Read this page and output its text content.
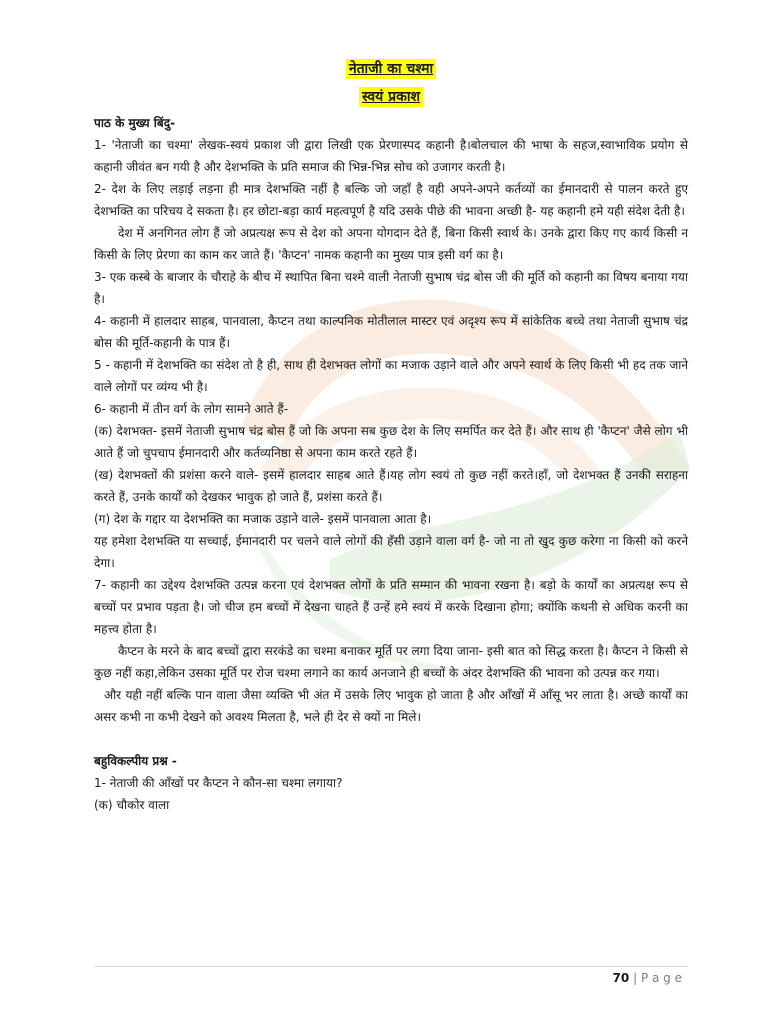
नेताजी का चश्मा
स्वयं प्रकाश

पाठ के मुख्य बिंदु-

1- 'नेताजी का चश्मा' लेखक-स्वयं प्रकाश जी द्वारा लिखी एक प्रेरणास्पद कहानी है।बोलचाल की भाषा के सहज,स्वाभाविक प्रयोग से कहानी जीवंत बन गयी है और देशभक्ति के प्रति समाज की भिन्न-भिन्न सोच को उजागर करती है।

2- देश के लिए लड़ाई लड़ना ही मात्र देशभक्ति नहीं है बल्कि जो जहाँ है वही अपने-अपने कर्तव्यों का ईमानदारी से पालन करते हुए देशभक्ति का परिचय दे सकता है। हर छोटा-बड़ा कार्य महत्वपूर्ण है यदि उसके पीछे की भावना अच्छी है- यह कहानी हमे यही संदेश देती है।

देश में अनगिनत लोग हैं जो अप्रत्यक्ष रूप से देश को अपना योगदान देते हैं, बिना किसी स्वार्थ के। उनके द्वारा किए गए कार्य किसी न किसी के लिए प्रेरणा का काम कर जाते हैं। 'कैप्टन' नामक कहानी का मुख्य पात्र इसी वर्ग का है।

3- एक कस्बे के बाजार के चौराहे के बीच में स्थापित बिना चश्मे वाली नेताजी सुभाष चंद्र बोस जी की मूर्ति को कहानी का विषय बनाया गया है।

4- कहानी में हालदार साहब, पानवाला, कैप्टन तथा काल्पनिक मोतीलाल मास्टर एवं अदृश्य रूप में सांकेतिक बच्चे तथा नेताजी सुभाष चंद्र बोस की मूर्ति-कहानी के पात्र हैं।

5 - कहानी में देशभक्ति का संदेश तो है ही, साथ ही देशभक्त लोगों का मजाक उड़ाने वाले और अपने स्वार्थ के लिए किसी भी हद तक जाने वाले लोगों पर व्यंग्य भी है।

6- कहानी में तीन वर्ग के लोग सामने आते हैं-

(क) देशभक्त- इसमें नेताजी सुभाष चंद्र बोस हैं जो कि अपना सब कुछ देश के लिए समर्पित कर देते हैं। और साथ ही 'कैप्टन' जैसे लोग भी आते हैं जो चुपचाप ईमानदारी और कर्तव्यनिष्ठा से अपना काम करते रहते हैं।

(ख) देशभक्तों की प्रशंसा करने वाले- इसमें हालदार साहब आते हैं।यह लोग स्वयं तो कुछ नहीं करते।हाँ, जो देशभक्त हैं उनकी सराहना करते हैं, उनके कार्यों को देखकर भावुक हो जाते हैं, प्रशंसा करते हैं।

(ग) देश के गद्दार या देशभक्ति का मजाक उड़ाने वाले- इसमें पानवाला आता है।

यह हमेशा देशभक्ति या सच्चाई, ईमानदारी पर चलने वाले लोगों की हँसी उड़ाने वाला वर्ग है- जो ना तो खुद कुछ करेगा ना किसी को करने देगा।

7- कहानी का उद्देश्य देशभक्ति उत्पन्न करना एवं देशभक्त लोगों के प्रति सम्मान की भावना रखना है। बड़ो के कार्यों का अप्रत्यक्ष रूप से बच्चों पर प्रभाव पड़ता है। जो चीज हम बच्चों में देखना चाहते हैं उन्हें हमे स्वयं में करके दिखाना होगा; क्योंकि कथनी से अधिक करनी का महत्त्व होता है।

कैप्टन के मरने के बाद बच्चों द्वारा सरकंडे का चश्मा बनाकर मूर्ति पर लगा दिया जाना- इसी बात को सिद्ध करता है। कैप्टन ने किसी से कुछ नहीं कहा,लेकिन उसका मूर्ति पर रोज चश्मा लगाने का कार्य अनजाने ही बच्चों के अंदर देशभक्ति की भावना को उत्पन्न कर गया।

और यही नहीं बल्कि पान वाला जैसा व्यक्ति भी अंत में उसके लिए भावुक हो जाता है और आँखों में आँसू भर लाता है। अच्छे कार्यों का असर कभी ना कभी देखने को अवश्य मिलता है, भले ही देर से क्यों ना मिले।

बहुविकल्पीय प्रश्न -

1- नेताजी की आँखों पर कैप्टन ने कौन-सा चश्मा लगाया?

(क) चौकोर वाला

70 | P a g e
